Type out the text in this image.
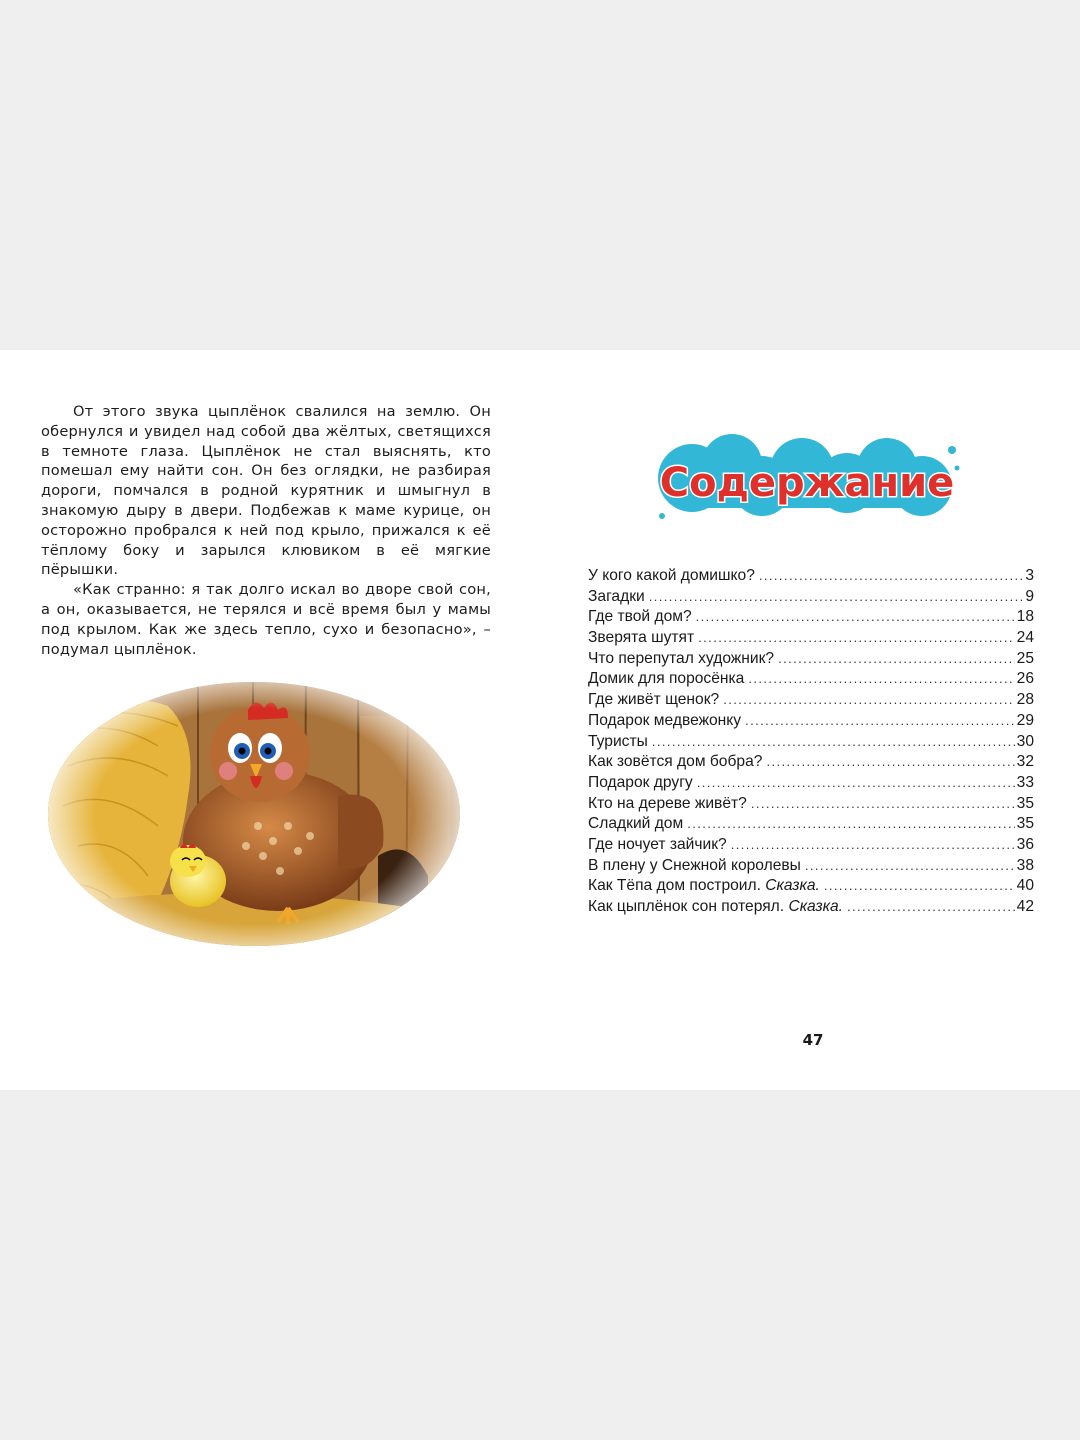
От этого звука цыплёнок свалился на землю. Он обернулся и увидел над собой два жёлтых, светящихся в темноте глаза. Цыплёнок не стал выяснять, кто помешал ему найти сон. Он без оглядки, не разбирая дороги, помчался в родной курятник и шмыгнул в знакомую дыру в двери. Подбежав к маме курице, он осторожно пробрался к ней под крыло, прижался к её тёплому боку и зарылся клювиком в её мягкие пёрышки.

«Как странно: я так долго искал во дворе свой сон, а он, оказывается, не терялся и всё время был у мамы под крылом. Как же здесь тепло, сухо и безопасно», – подумал цыплёнок.

Содержание
У кого какой домишко? .....	3
Загадки .....	9
Где твой дом? .....	18
Зверята шутят .....	24
Что перепутал художник? .....	25
Домик для поросёнка .....	26
Где живёт щенок? .....	28
Подарок медвежонку .....	29
Туристы .....	30
Как зовётся дом бобра? .....	32
Подарок другу .....	33
Кто на дереве живёт? .....	35
Сладкий дом .....	35
Где ночует зайчик? .....	36
В плену у Снежной королевы .....	38
Как Тёпа дом построил. Сказка. .....	40
Как цыплёнок сон потерял. Сказка. .....	42
47
